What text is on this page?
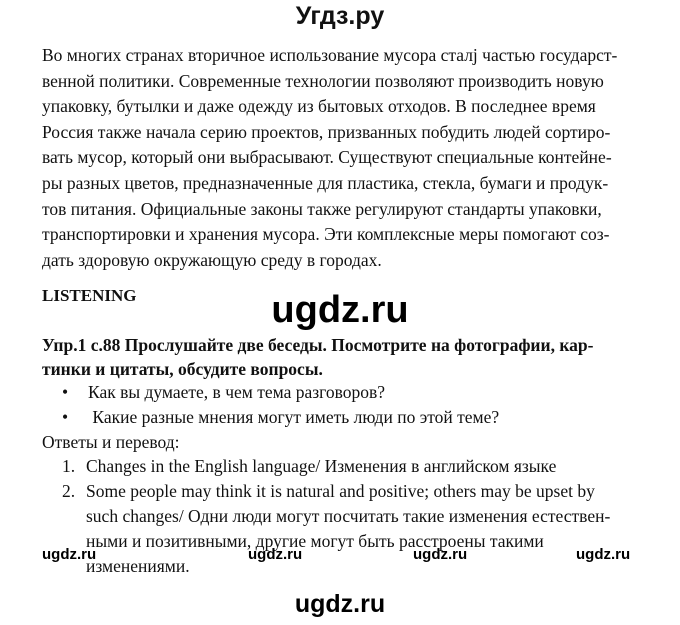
Угдз.ру
Во многих странах вторичное использование мусора сталј частью государст-
венной политики. Современные технологии позволяют производить новую
упаковку, бутылки и даже одежду из бытовых отходов. В последнее время
Россия также начала серию проектов, призванных побудить людей сортиро-
вать мусор, который они выбрасывают. Существуют специальные контейне-
ры разных цветов, предназначенные для пластика, стекла, бумаги и продук-
тов питания. Официальные законы также регулируют стандарты упаковки,
транспортировки и хранения мусора. Эти комплексные меры помогают соз-
дать здоровую окружающую среду в городах.
LISTENING	ugdz.ru
Упр.1 с.88 Прослушайте две беседы. Посмотрите на фотографии, кар-
тинки и цитаты, обсудите вопросы.
• Как вы думаете, в чем тема разговоров?
• Какие разные мнения могут иметь люди по этой теме?
Ответы и перевод:
1. Changes in the English language/ Изменения в английском языке
2. Some people may think it is natural and positive; others may be upset by
such changes/ Одни люди могут посчитать такие изменения естествен-
ными и позитивными, другие могут быть расстроены такими
изменениями.
ugdz.ru	ugdz.ru	ugdz.ru	ugdz.ru
ugdz.ru
